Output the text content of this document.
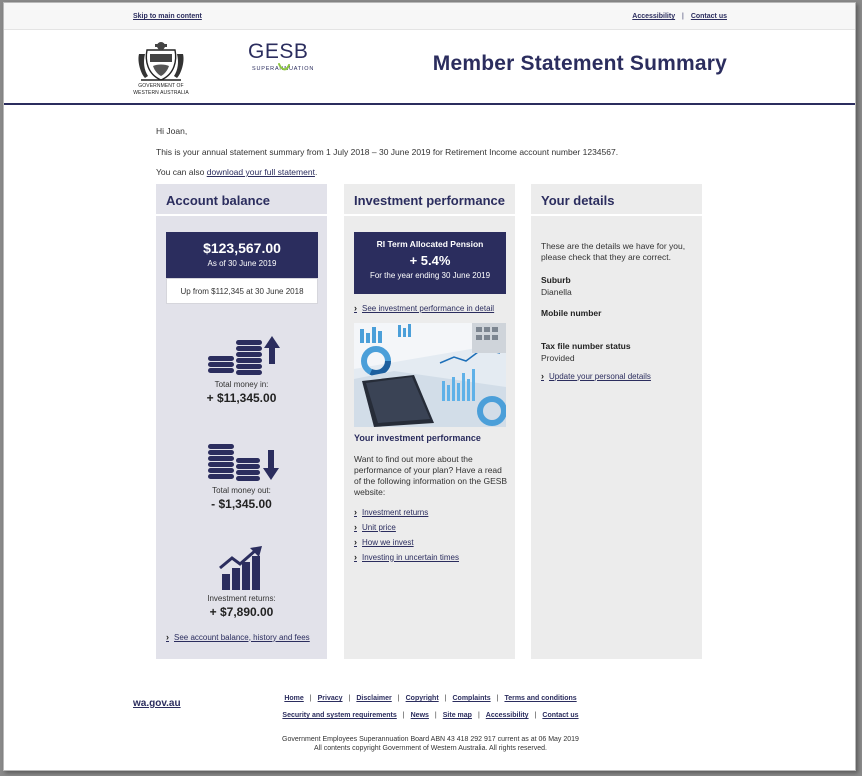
Skip to main content	Accessibility | Contact us
GOVERNMENT OF
WESTERN AUSTRALIA
GESB
SUPERANNUATION	Member Statement Summary

Hi Joan,

This is your annual statement summary from 1 July 2018 – 30 June 2019 for Retirement Income account number 1234567.

You can also download your full statement.

Account balance
$123,567.00
As of 30 June 2019
Up from $112,345 at 30 June 2018
Total money in:
+ $11,345.00
Total money out:
- $1,345.00
Investment returns:
+ $7,890.00
› See account balance, history and fees
Investment performance
RI Term Allocated Pension
+ 5.4%
For the year ending 30 June 2019
› See investment performance in detail
Your investment performance
Want to find out more about the performance of your plan? Have a read of the following information on the GESB website:
› Investment returns
› Unit price
› How we invest
› Investing in uncertain times
Your details
These are the details we have for you, please check that they are correct.
Suburb
Dianella
Mobile number
Tax file number status
Provided
› Update your personal details
wa.gov.au	Home | Privacy | Disclaimer | Copyright | Complaints | Terms and conditions
Security and system requirements | News | Site map | Accessibility | Contact us
Government Employees Superannuation Board ABN 43 418 292 917 current as at 06 May 2019
All contents copyright Government of Western Australia. All rights reserved.
